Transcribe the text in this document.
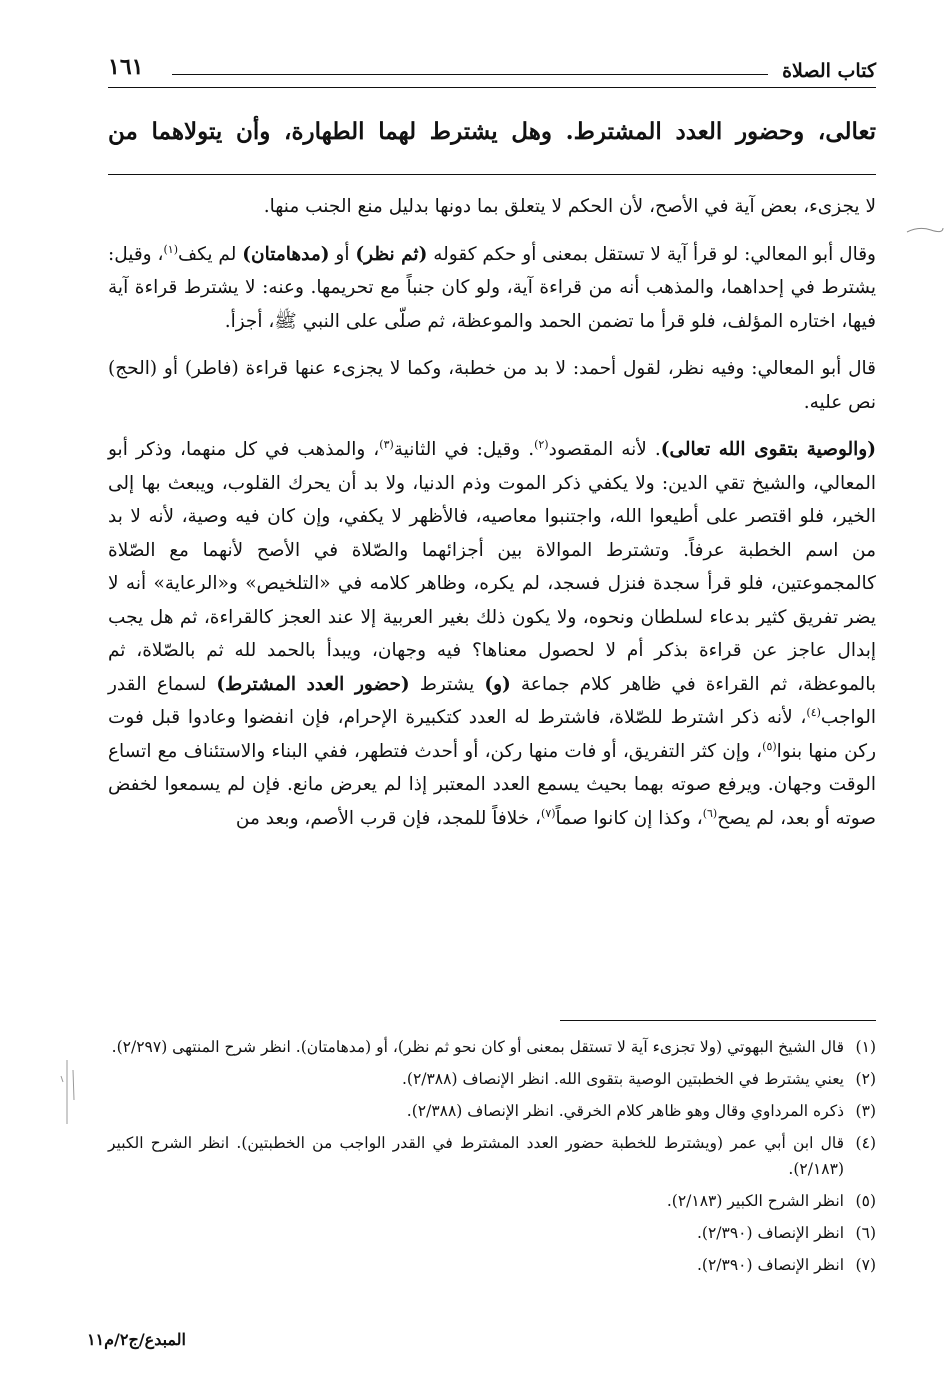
كتاب الصلاة
١٦١
تعالى، وحضور العدد المشترط. وهل يشترط لهما الطهارة، وأن يتولاهما من

لا يجزىء، بعض آية في الأصح، لأن الحكم لا يتعلق بما دونها بدليل منع الجنب منها.

وقال أبو المعالي: لو قرأ آية لا تستقل بمعنى أو حكم كقوله (ثم نظر) أو (مدهامتان) لم يكف$^{(١)}$، وقيل: يشترط في إحداهما، والمذهب أنه من قراءة آية، ولو كان جنباً مع تحريمها. وعنه: لا يشترط قراءة آية فيها، اختاره المؤلف، فلو قرأ ما تضمن الحمد والموعظة، ثم صلّى على النبي ﷺ، أجزأ.

قال أبو المعالي: وفيه نظر، لقول أحمد: لا بد من خطبة، وكما لا يجزىء عنها قراءة (فاطر) أو (الحج) نص عليه.

(والوصية بتقوى الله تعالى). لأنه المقصود$^{(٢)}$. وقيل: في الثانية$^{(٣)}$، والمذهب في كل منهما، وذكر أبو المعالي، والشيخ تقي الدين: ولا يكفي ذكر الموت وذم الدنيا، ولا بد أن يحرك القلوب، ويبعث بها إلى الخير، فلو اقتصر على أطيعوا الله، واجتنبوا معاصيه، فالأظهر لا يكفي، وإن كان فيه وصية، لأنه لا بد من اسم الخطبة عرفاً. وتشترط الموالاة بين أجزائهما والصّلاة في الأصح لأنهما مع الصّلاة كالمجموعتين، فلو قرأ سجدة فنزل فسجد، لم يكره، وظاهر كلامه في «التلخيص» و«الرعاية» أنه لا يضر تفريق كثير بدعاء لسلطان ونحوه، ولا يكون ذلك بغير العربية إلا عند العجز كالقراءة، ثم هل يجب إبدال عاجز عن قراءة بذكر أم لا لحصول معناها؟ فيه وجهان، ويبدأ بالحمد لله ثم بالصّلاة، ثم بالموعظة، ثم القراءة في ظاهر كلام جماعة (و) يشترط (حضور العدد المشترط) لسماع القدر الواجب$^{(٤)}$، لأنه ذكر اشترط للصّلاة، فاشترط له العدد كتكبيرة الإحرام، فإن انفضوا وعادوا قبل فوت ركن منها بنوا$^{(٥)}$، وإن كثر التفريق، أو فات منها ركن، أو أحدث فتطهر، ففي البناء والاستئناف مع اتساع الوقت وجهان. ويرفع صوته بهما بحيث يسمع العدد المعتبر إذا لم يعرض مانع. فإن لم يسمعوا لخفض صوته أو بعد، لم يصح$^{(٦)}$، وكذا إن كانوا صماً$^{(٧)}$، خلافاً للمجد، فإن قرب الأصم، وبعد من

(١)
قال الشيخ البهوتي (ولا تجزىء آية لا تستقل بمعنى أو كان نحو ثم نظر)، أو (مدهامتان). انظر شرح المنتهى (٢/٢٩٧).
(٢)
يعني يشترط في الخطبتين الوصية بتقوى الله. انظر الإنصاف (٢/٣٨٨).
(٣)
ذكره المرداوي وقال وهو ظاهر كلام الخرقي. انظر الإنصاف (٢/٣٨٨).
(٤)
قال ابن أبي عمر (ويشترط للخطبة حضور العدد المشترط في القدر الواجب من الخطبتين). انظر الشرح الكبير (٢/١٨٣).
(٥)
انظر الشرح الكبير (٢/١٨٣).
(٦)
انظر الإنصاف (٢/٣٩٠).
(٧)
انظر الإنصاف (٢/٣٩٠).
المبدع/ج٢/م١١
